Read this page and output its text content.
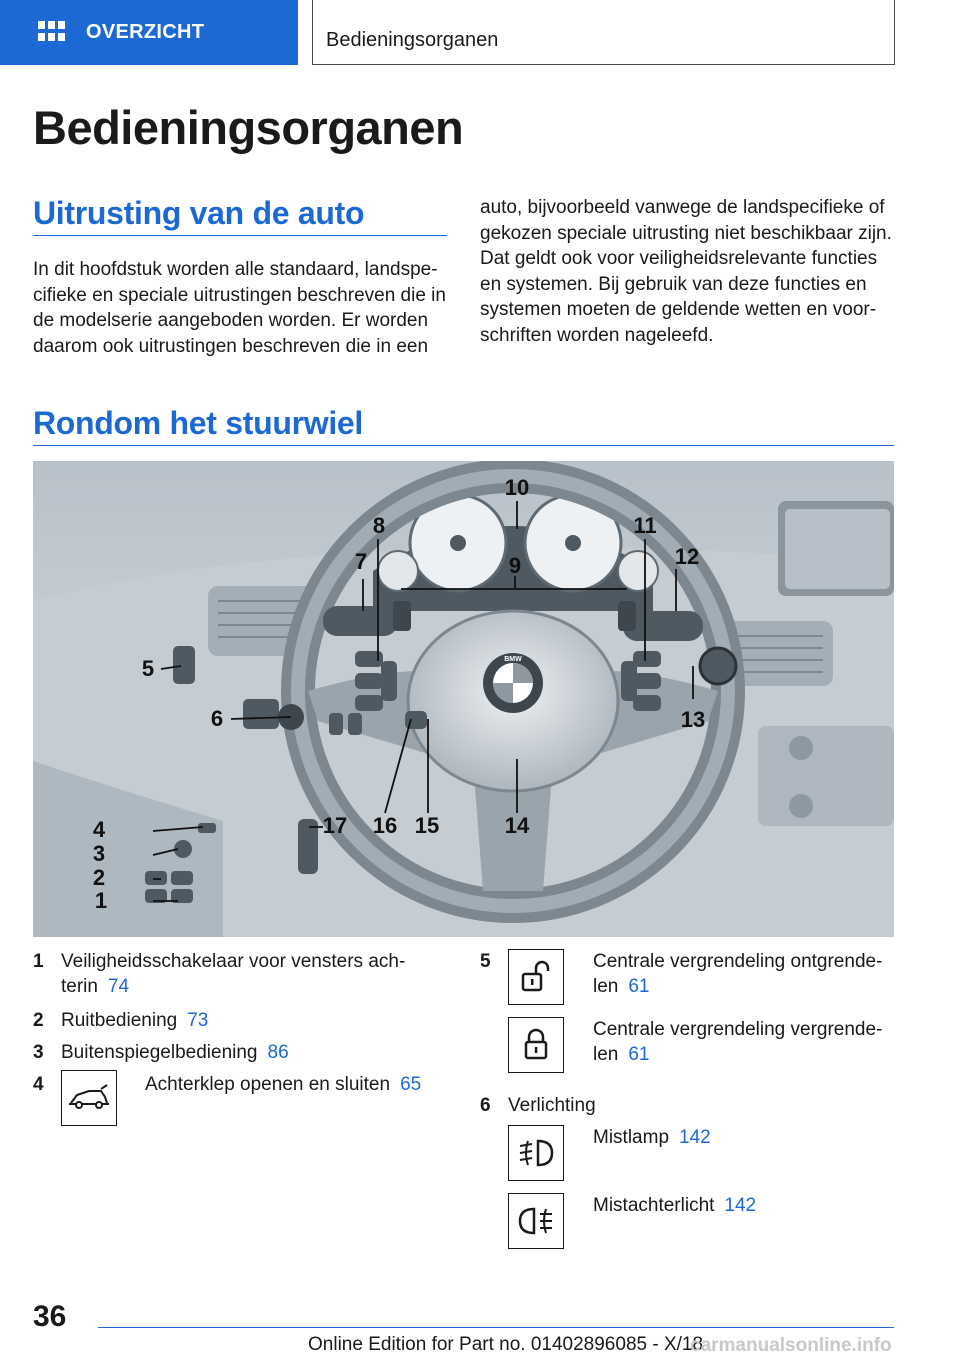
OVERZICHT	Bedieningsorganen
Bedieningsorganen
Uitrusting van de auto

In dit hoofdstuk worden alle standaard, landspecifieke en speciale uitrustingen beschreven die in de modelserie aangeboden worden. Er worden daarom ook uitrustingen beschreven die in een

auto, bijvoorbeeld vanwege de landspecifieke of gekozen speciale uitrusting niet beschikbaar zijn. Dat geldt ook voor veiligheidsrelevante functies en systemen. Bij gebruik van deze functies en systemen moeten de geldende wetten en voorschriften worden nageleefd.

Rondom het stuurwiel
BMW
1
2
3
4
5
6
7
8
9
10
11
12
13
14
15
16
17
1 Veiligheidsschakelaar voor vensters achterin 74
2 Ruitbediening 73
3 Buitenspiegelbediening 86
4	Achterklep openen en sluiten 65
5	Centrale vergrendeling ontgrendelen 61
Centrale vergrendeling vergrendelen 61
6 Verlichting
Mistlamp 142
Mistachterlicht 142
36
Online Edition for Part no. 01402896085 - X/18
carmanualsonline.info
